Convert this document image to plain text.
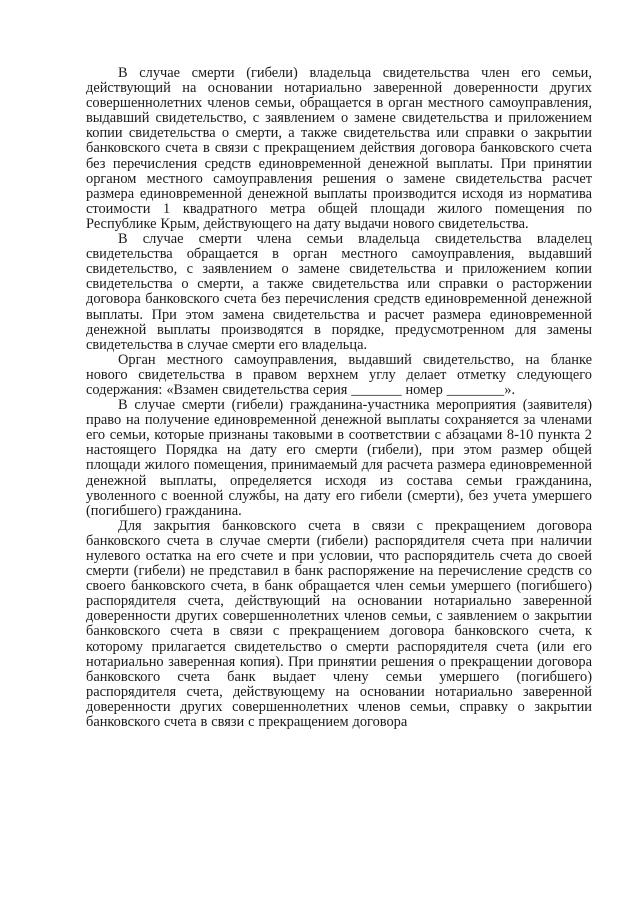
В случае смерти (гибели) владельца свидетельства член его семьи, действующий на основании нотариально заверенной доверенности других совершеннолетних членов семьи, обращается в орган местного самоуправления, выдавший свидетельство, с заявлением о замене свидетельства и приложением копии свидетельства о смерти, а также свидетельства или справки о закрытии банковского счета в связи с прекращением действия договора банковского счета без перечисления средств единовременной денежной выплаты. При принятии органом местного самоуправления решения о замене свидетельства расчет размера единовременной денежной выплаты производится исходя из норматива стоимости 1 квадратного метра общей площади жилого помещения по Республике Крым, действующего на дату выдачи нового свидетельства.

В случае смерти члена семьи владельца свидетельства владелец свидетельства обращается в орган местного самоуправления, выдавший свидетельство, с заявлением о замене свидетельства и приложением копии свидетельства о смерти, а также свидетельства или справки о расторжении договора банковского счета без перечисления средств единовременной денежной выплаты. При этом замена свидетельства и расчет размера единовременной денежной выплаты производятся в порядке, предусмотренном для замены свидетельства в случае смерти его владельца.

Орган местного самоуправления, выдавший свидетельство, на бланке нового свидетельства в правом верхнем углу делает отметку следующего содержания: «Взамен свидетельства серия _______ номер ________».

В случае смерти (гибели) гражданина-участника мероприятия (заявителя) право на получение единовременной денежной выплаты сохраняется за членами его семьи, которые признаны таковыми в соответствии с абзацами 8-10 пункта 2 настоящего Порядка на дату его смерти (гибели), при этом размер общей площади жилого помещения, принимаемый для расчета размера единовременной денежной выплаты, определяется исходя из состава семьи гражданина, уволенного с военной службы, на дату его гибели (смерти), без учета умершего (погибшего) гражданина.

Для закрытия банковского счета в связи с прекращением договора банковского счета в случае смерти (гибели) распорядителя счета при наличии нулевого остатка на его счете и при условии, что распорядитель счета до своей смерти (гибели) не представил в банк распоряжение на перечисление средств со своего банковского счета, в банк обращается член семьи умершего (погибшего) распорядителя счета, действующий на основании нотариально заверенной доверенности других совершеннолетних членов семьи, с заявлением о закрытии банковского счета в связи с прекращением договора банковского счета, к которому прилагается свидетельство о смерти распорядителя счета (или его нотариально заверенная копия). При принятии решения о прекращении договора банковского счета банк выдает члену семьи умершего (погибшего) распорядителя счета, действующему на основании нотариально заверенной доверенности других совершеннолетних членов семьи, справку о закрытии банковского счета в связи с прекращением договора
